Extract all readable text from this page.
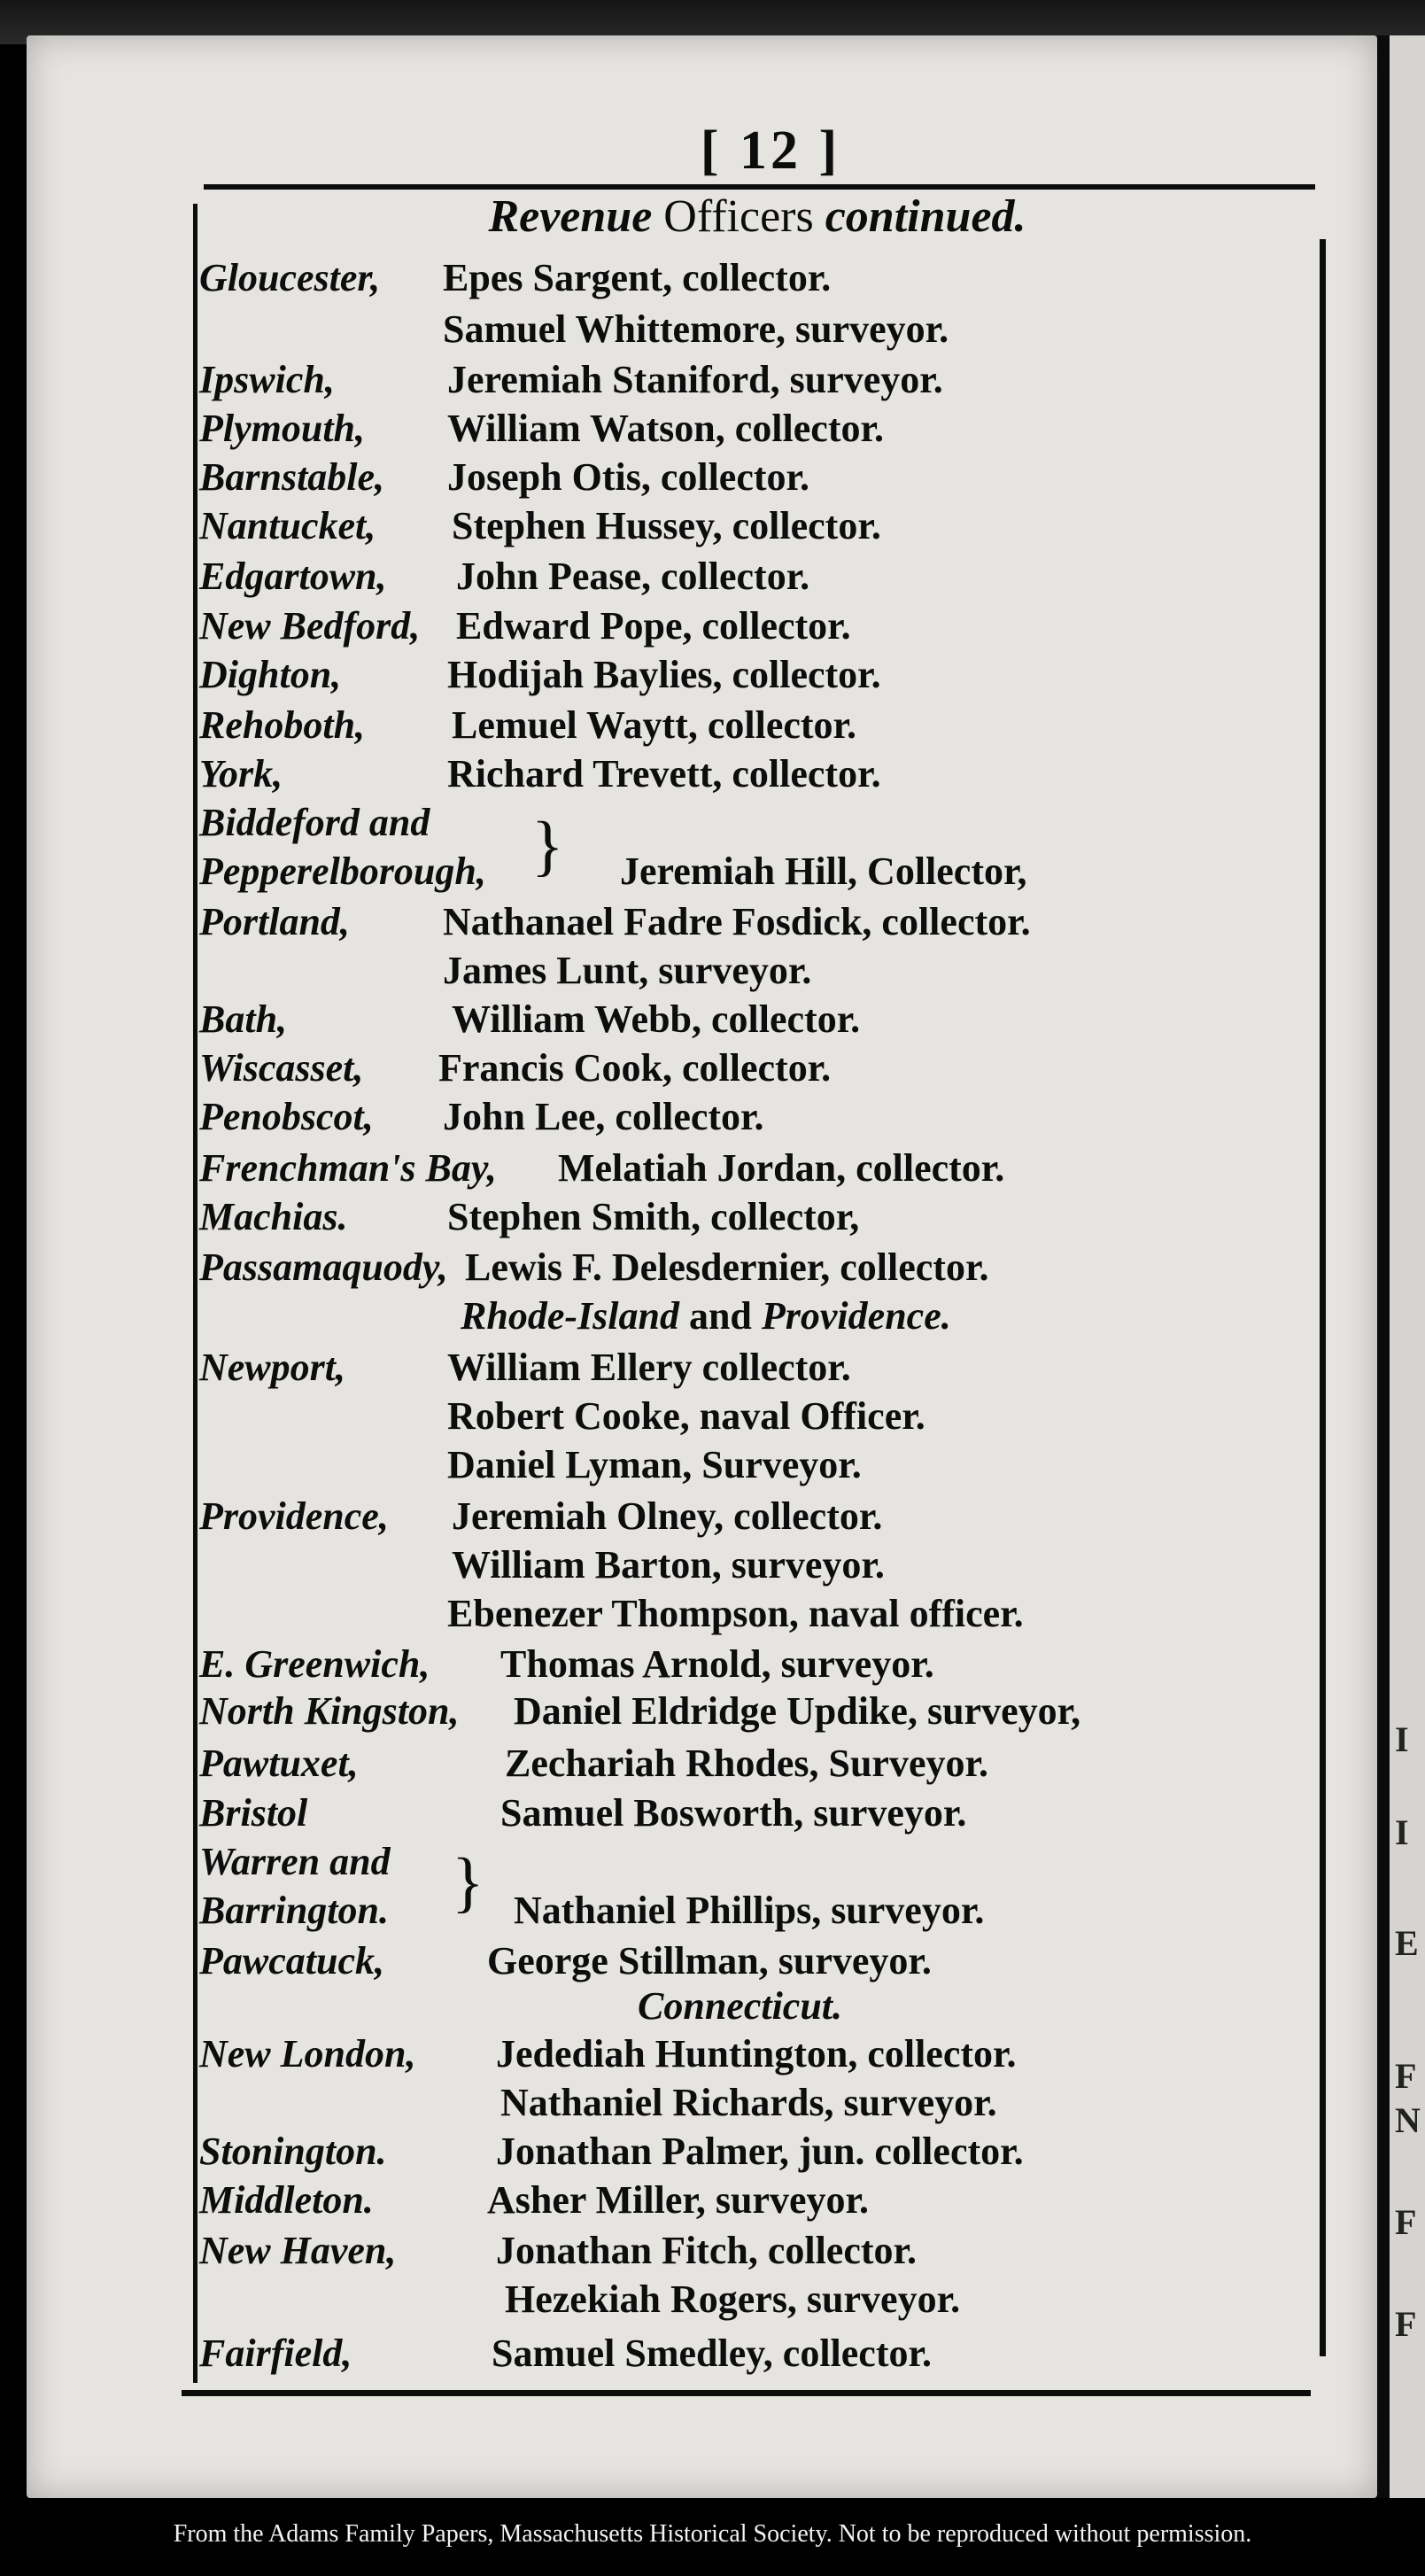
I
I
E
F
N
F
F
[ 12 ]
Revenue Officers continued.
Gloucester, Epes Sargent, collector.
Samuel Whittemore, surveyor.
Ipswich,	Jeremiah Staniford, surveyor.
Plymouth, William Watson, collector.
Barnstable, Joseph Otis, collector.
Nantucket, Stephen Hussey, collector.
Edgartown, John Pease, collector.
New Bedford, Edward Pope, collector.
Dighton,	Hodijah Baylies, collector.
Rehoboth, Lemuel Waytt, collector.
York,	Richard Trevett, collector.
Biddeford and
Pepperelborough,	Jeremiah Hill, Collector,
Portland, Nathanael Fadre Fosdick, collector.
James Lunt, surveyor.
Bath,	William Webb, collector.
Wiscasset, Francis Cook, collector.
Penobscot, John Lee, collector.
Frenchman's Bay, Melatiah Jordan, collector.
Machias.	Stephen Smith, collector,
Passamaquody, Lewis F. Delesdernier, collector.
Newport,	William Ellery collector.
Robert Cooke, naval Officer.
Daniel Lyman, Surveyor.
Providence, Jeremiah Olney, collector.
William Barton, surveyor.
Ebenezer Thompson, naval officer.
E. Greenwich, Thomas Arnold, surveyor.
North Kingston, Daniel Eldridge Updike, surveyor,
Pawtuxet,	Zechariah Rhodes, Surveyor.
Bristol	Samuel Bosworth, surveyor.
Warren and
Barrington.	Nathaniel Phillips, surveyor.
Pawcatuck,	George Stillman, surveyor.
New London, Jedediah Huntington, collector.
Nathaniel Richards, surveyor.
Stonington.	Jonathan Palmer, jun. collector.
Middleton.	Asher Miller, surveyor.
New Haven,	Jonathan Fitch, collector.
Hezekiah Rogers, surveyor.
Fairfield,	Samuel Smedley, collector.
Rhode-Island and Providence.
Connecticut.
}
}
From the Adams Family Papers, Massachusetts Historical Society. Not to be reproduced without permission.
